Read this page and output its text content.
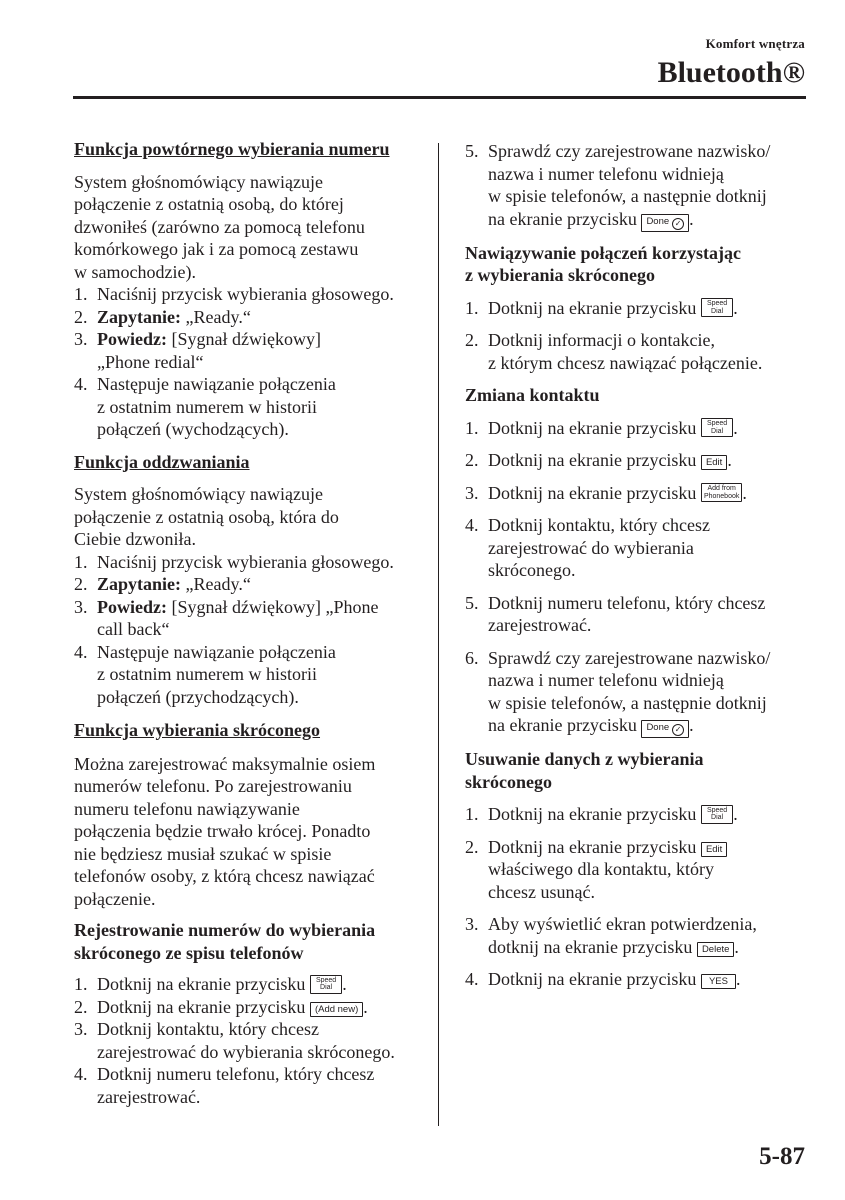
Komfort wnętrza
Bluetooth®

Funkcja powtórnego wybierania numeru

System głośnomówiący nawiązuje
połączenie z ostatnią osobą, do której
dzwoniłeś (zarówno za pomocą telefonu
komórkowego jak i za pomocą zestawu
w samochodzie).

1. Naciśnij przycisk wybierania głosowego.
2. Zapytanie: „Ready.“
3. Powiedz: [Sygnał dźwiękowy]
„Phone redial“
4. Następuje nawiązanie połączenia
z ostatnim numerem w historii
połączeń (wychodzących).

Funkcja oddzwaniania

System głośnomówiący nawiązuje
połączenie z ostatnią osobą, która do
Ciebie dzwoniła.

1. Naciśnij przycisk wybierania głosowego.
2. Zapytanie: „Ready.“
3. Powiedz: [Sygnał dźwiękowy] „Phone
call back“
4. Następuje nawiązanie połączenia
z ostatnim numerem w historii
połączeń (przychodzących).

Funkcja wybierania skróconego

Można zarejestrować maksymalnie osiem
numerów telefonu. Po zarejestrowaniu
numeru telefonu nawiązywanie
połączenia będzie trwało krócej. Ponadto
nie będziesz musiał szukać w spisie
telefonów osoby, z którą chcesz nawiązać
połączenie.

Rejestrowanie numerów do wybierania
skróconego ze spisu telefonów

1. Dotknij na ekranie przycisku Speed
Dial .
2. Dotknij na ekranie przycisku (Add new) .
3. Dotknij kontaktu, który chcesz
zarejestrować do wybierania skróconego.
4. Dotknij numeru telefonu, który chcesz
zarejestrować.
5. Sprawdź czy zarejestrowane nazwisko/
nazwa i numer telefonu widnieją
w spisie telefonów, a następnie dotknij
na ekranie przycisku Done ✓ .

Nawiązywanie połączeń korzystając
z wybierania skróconego

1. Dotknij na ekranie przycisku Speed
Dial .
2. Dotknij informacji o kontakcie,
z którym chcesz nawiązać połączenie.

Zmiana kontaktu

1. Dotknij na ekranie przycisku Speed
Dial .
2. Dotknij na ekranie przycisku Edit .
3. Dotknij na ekranie przycisku Add from
Phonebook .
4. Dotknij kontaktu, który chcesz
zarejestrować do wybierania
skróconego.
5. Dotknij numeru telefonu, który chcesz
zarejestrować.
6. Sprawdź czy zarejestrowane nazwisko/
nazwa i numer telefonu widnieją
w spisie telefonów, a następnie dotknij
na ekranie przycisku Done ✓ .

Usuwanie danych z wybierania
skróconego

1. Dotknij na ekranie przycisku Speed
Dial .
2. Dotknij na ekranie przycisku Edit
właściwego dla kontaktu, który
chcesz usunąć.
3. Aby wyświetlić ekran potwierdzenia,
dotknij na ekranie przycisku Delete .
4. Dotknij na ekranie przycisku YES .
5-87
